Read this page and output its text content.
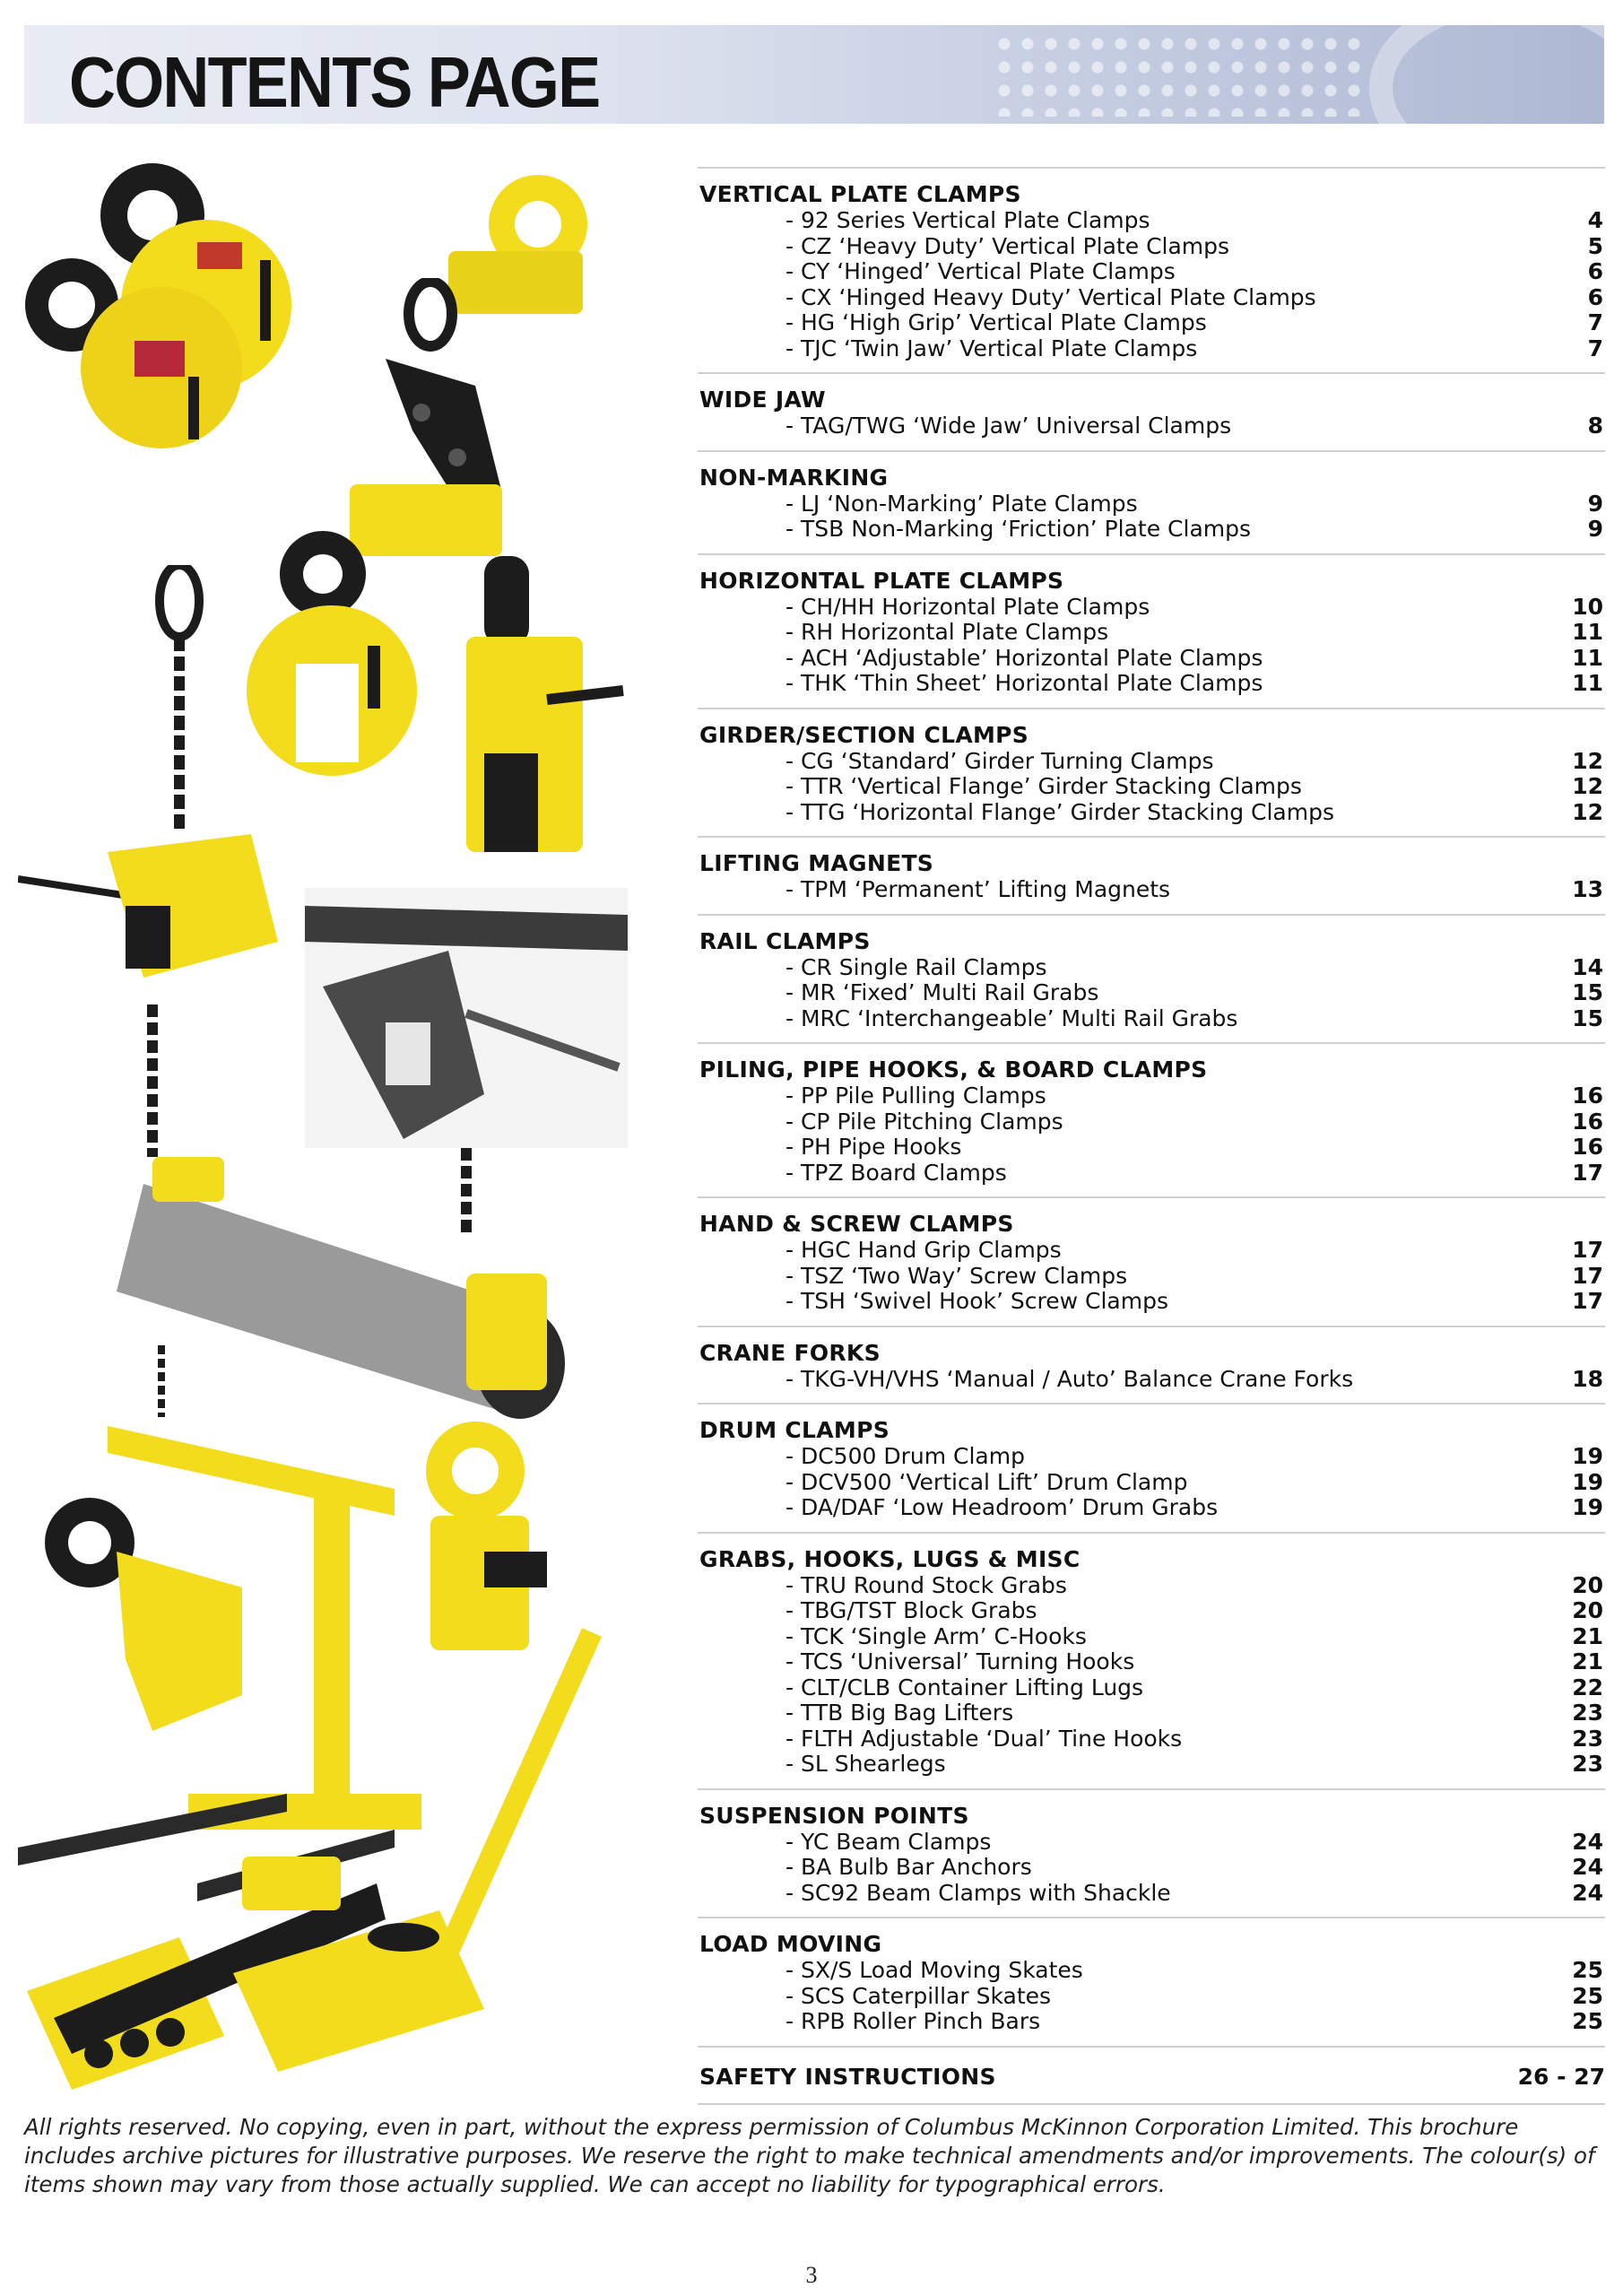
CONTENTS PAGE
VERTICAL PLATE CLAMPS
- 92 Series Vertical Plate Clamps	4
- CZ ‘Heavy Duty’ Vertical Plate Clamps	5
- CY ‘Hinged’ Vertical Plate Clamps	6
- CX ‘Hinged Heavy Duty’ Vertical Plate Clamps	6
- HG ‘High Grip’ Vertical Plate Clamps	7
- TJC ‘Twin Jaw’ Vertical Plate Clamps	7
WIDE JAW
- TAG/TWG ‘Wide Jaw’ Universal Clamps	8
NON-MARKING
- LJ ‘Non-Marking’ Plate Clamps	9
- TSB Non-Marking ‘Friction’ Plate Clamps	9
HORIZONTAL PLATE CLAMPS
- CH/HH Horizontal Plate Clamps	10
- RH Horizontal Plate Clamps	11
- ACH ‘Adjustable’ Horizontal Plate Clamps	11
- THK ‘Thin Sheet’ Horizontal Plate Clamps	11
GIRDER/SECTION CLAMPS
- CG ‘Standard’ Girder Turning Clamps	12
- TTR ‘Vertical Flange’ Girder Stacking Clamps	12
- TTG ‘Horizontal Flange’ Girder Stacking Clamps	12
LIFTING MAGNETS
- TPM ‘Permanent’ Lifting Magnets	13
RAIL CLAMPS
- CR Single Rail Clamps	14
- MR ‘Fixed’ Multi Rail Grabs	15
- MRC ‘Interchangeable’ Multi Rail Grabs	15
PILING, PIPE HOOKS, & BOARD CLAMPS
- PP Pile Pulling Clamps	16
- CP Pile Pitching Clamps	16
- PH Pipe Hooks	16
- TPZ Board Clamps	17
HAND & SCREW CLAMPS
- HGC Hand Grip Clamps	17
- TSZ ‘Two Way’ Screw Clamps	17
- TSH ‘Swivel Hook’ Screw Clamps	17
CRANE FORKS
- TKG-VH/VHS ‘Manual / Auto’ Balance Crane Forks	18
DRUM CLAMPS
- DC500 Drum Clamp	19
- DCV500 ‘Vertical Lift’ Drum Clamp	19
- DA/DAF ‘Low Headroom’ Drum Grabs	19
GRABS, HOOKS, LUGS & MISC
- TRU Round Stock Grabs	20
- TBG/TST Block Grabs	20
- TCK ‘Single Arm’ C-Hooks	21
- TCS ‘Universal’ Turning Hooks	21
- CLT/CLB Container Lifting Lugs	22
- TTB Big Bag Lifters	23
- FLTH Adjustable ‘Dual’ Tine Hooks	23
- SL Shearlegs	23
SUSPENSION POINTS
- YC Beam Clamps	24
- BA Bulb Bar Anchors	24
- SC92 Beam Clamps with Shackle	24
LOAD MOVING
- SX/S Load Moving Skates	25
- SCS Caterpillar Skates	25
- RPB Roller Pinch Bars	25
SAFETY INSTRUCTIONS	26 - 27
All rights reserved. No copying, even in part, without the express permission of Columbus McKinnon Corporation Limited. This brochure includes archive pictures for illustrative purposes. We reserve the right to make technical amendments and/or improvements. The colour(s) of items shown may vary from those actually supplied. We can accept no liability for typographical errors.
3
